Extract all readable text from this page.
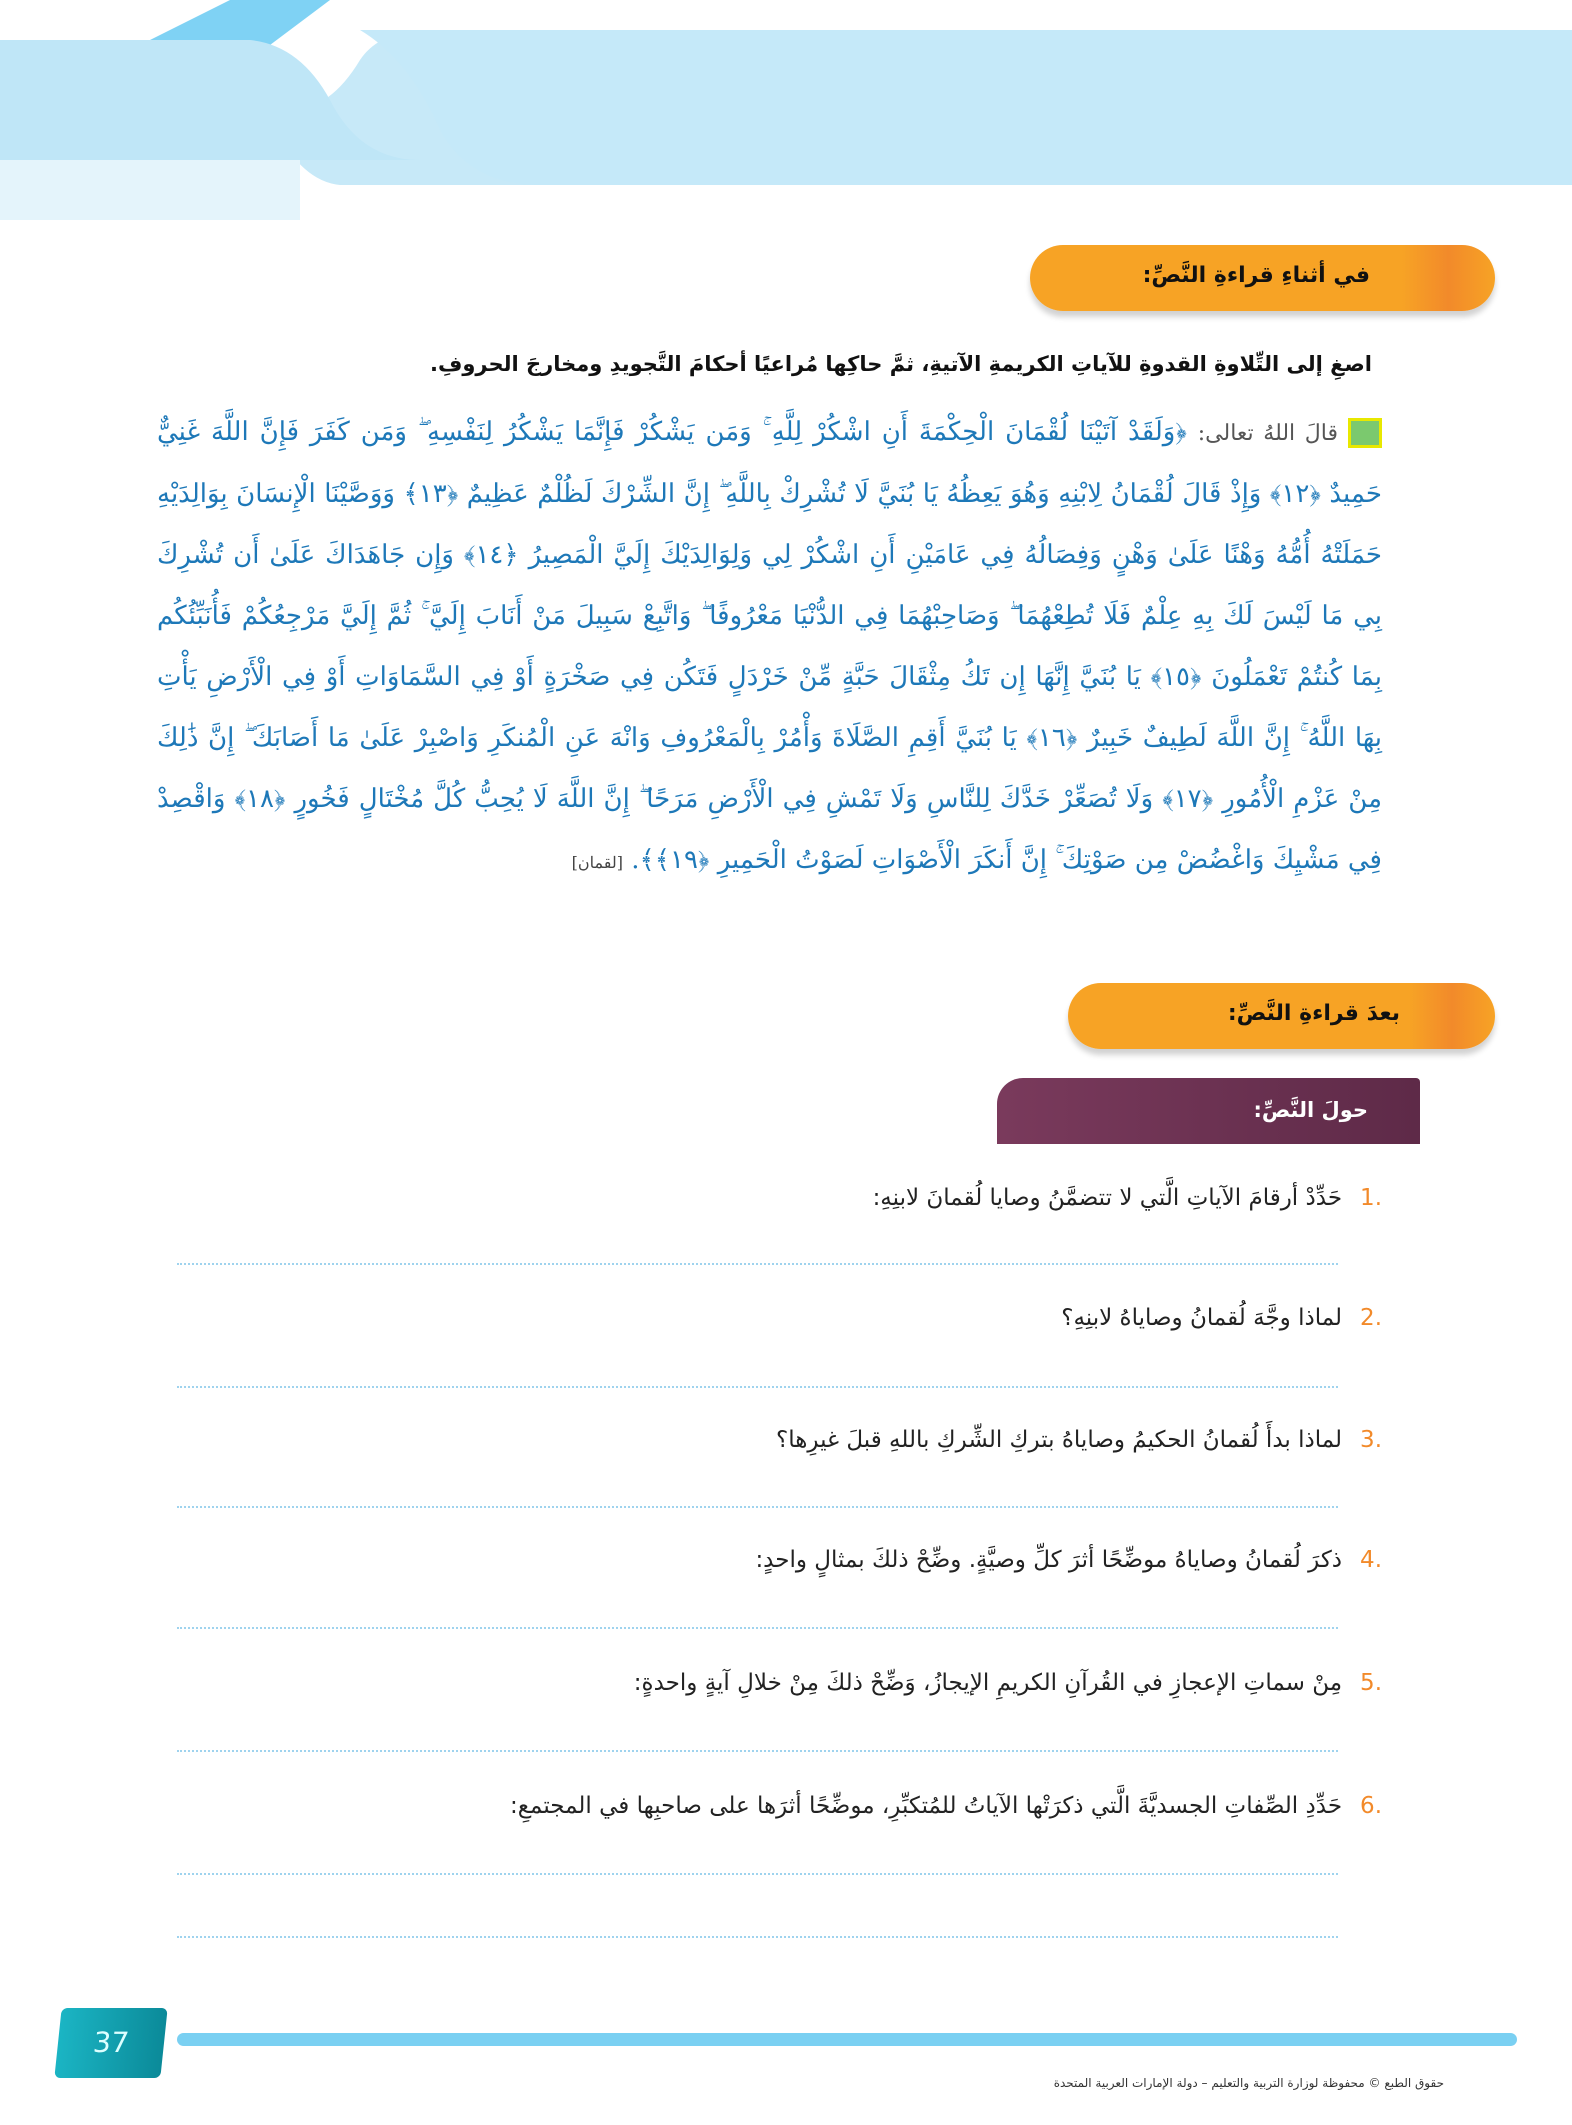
في أثناءِ قراءةِ النَّصِّ:
اصغِ إلى التِّلاوةِ القدوةِ للآياتِ الكريمةِ الآتيةِ، ثمَّ حاكِها مُراعيًا أحكامَ التَّجويدِ ومخارجَ الحروفِ.
قالَ اللهُ تعالى: ﴿وَلَقَدْ آتَيْنَا لُقْمَانَ الْحِكْمَةَ أَنِ اشْكُرْ لِلَّهِ ۚ وَمَن يَشْكُرْ فَإِنَّمَا يَشْكُرُ لِنَفْسِهِ ۖ وَمَن كَفَرَ فَإِنَّ اللَّهَ غَنِيٌّ حَمِيدٌ ﴿١٢﴾ وَإِذْ قَالَ لُقْمَانُ لِابْنِهِ وَهُوَ يَعِظُهُ يَا بُنَيَّ لَا تُشْرِكْ بِاللَّهِ ۖ إِنَّ الشِّرْكَ لَظُلْمٌ عَظِيمٌ ﴿١٣﴾ وَوَصَّيْنَا الْإِنسَانَ بِوَالِدَيْهِ حَمَلَتْهُ أُمُّهُ وَهْنًا عَلَىٰ وَهْنٍ وَفِصَالُهُ فِي عَامَيْنِ أَنِ اشْكُرْ لِي وَلِوَالِدَيْكَ إِلَيَّ الْمَصِيرُ ﴿١٤﴾ وَإِن جَاهَدَاكَ عَلَىٰ أَن تُشْرِكَ بِي مَا لَيْسَ لَكَ بِهِ عِلْمٌ فَلَا تُطِعْهُمَا ۖ وَصَاحِبْهُمَا فِي الدُّنْيَا مَعْرُوفًا ۖ وَاتَّبِعْ سَبِيلَ مَنْ أَنَابَ إِلَيَّ ۚ ثُمَّ إِلَيَّ مَرْجِعُكُمْ فَأُنَبِّئُكُم بِمَا كُنتُمْ تَعْمَلُونَ ﴿١٥﴾ يَا بُنَيَّ إِنَّهَا إِن تَكُ مِثْقَالَ حَبَّةٍ مِّنْ خَرْدَلٍ فَتَكُن فِي صَخْرَةٍ أَوْ فِي السَّمَاوَاتِ أَوْ فِي الْأَرْضِ يَأْتِ بِهَا اللَّهُ ۚ إِنَّ اللَّهَ لَطِيفٌ خَبِيرٌ ﴿١٦﴾ يَا بُنَيَّ أَقِمِ الصَّلَاةَ وَأْمُرْ بِالْمَعْرُوفِ وَانْهَ عَنِ الْمُنكَرِ وَاصْبِرْ عَلَىٰ مَا أَصَابَكَ ۖ إِنَّ ذَٰلِكَ مِنْ عَزْمِ الْأُمُورِ ﴿١٧﴾ وَلَا تُصَعِّرْ خَدَّكَ لِلنَّاسِ وَلَا تَمْشِ فِي الْأَرْضِ مَرَحًا ۖ إِنَّ اللَّهَ لَا يُحِبُّ كُلَّ مُخْتَالٍ فَخُورٍ ﴿١٨﴾ وَاقْصِدْ فِي مَشْيِكَ وَاغْضُضْ مِن صَوْتِكَ ۚ إِنَّ أَنكَرَ الْأَصْوَاتِ لَصَوْتُ الْحَمِيرِ ﴿١٩﴾﴾. [لقمان]
بعدَ قراءةِ النَّصِّ:
حولَ النَّصِّ:
.1حَدِّدْ أرقامَ الآياتِ الَّتي لا تتضمَّنُ وصايا لُقمانَ لابنِهِ:
.2لماذا وجَّهَ لُقمانُ وصاياهُ لابنِهِ؟
.3لماذا بدأَ لُقمانُ الحكيمُ وصاياهُ بتركِ الشِّركِ باللهِ قبلَ غيرِها؟
.4ذكرَ لُقمانُ وصاياهُ موضِّحًا أثرَ كلِّ وصيَّةٍ. وضِّحْ ذلكَ بمثالٍ واحدٍ:
.5مِنْ سماتِ الإعجازِ في القُرآنِ الكريمِ الإيجازُ، وَضِّحْ ذلكَ مِنْ خلالِ آيةٍ واحدةٍ:
.6حَدِّدِ الصِّفاتِ الجسديَّةَ الَّتي ذكرَتْها الآياتُ للمُتكبِّرِ، موضِّحًا أثرَها على صاحبِها في المجتمعِ:
37
حقوق الطبع © محفوظة لوزارة التربية والتعليم – دولة الإمارات العربية المتحدة
